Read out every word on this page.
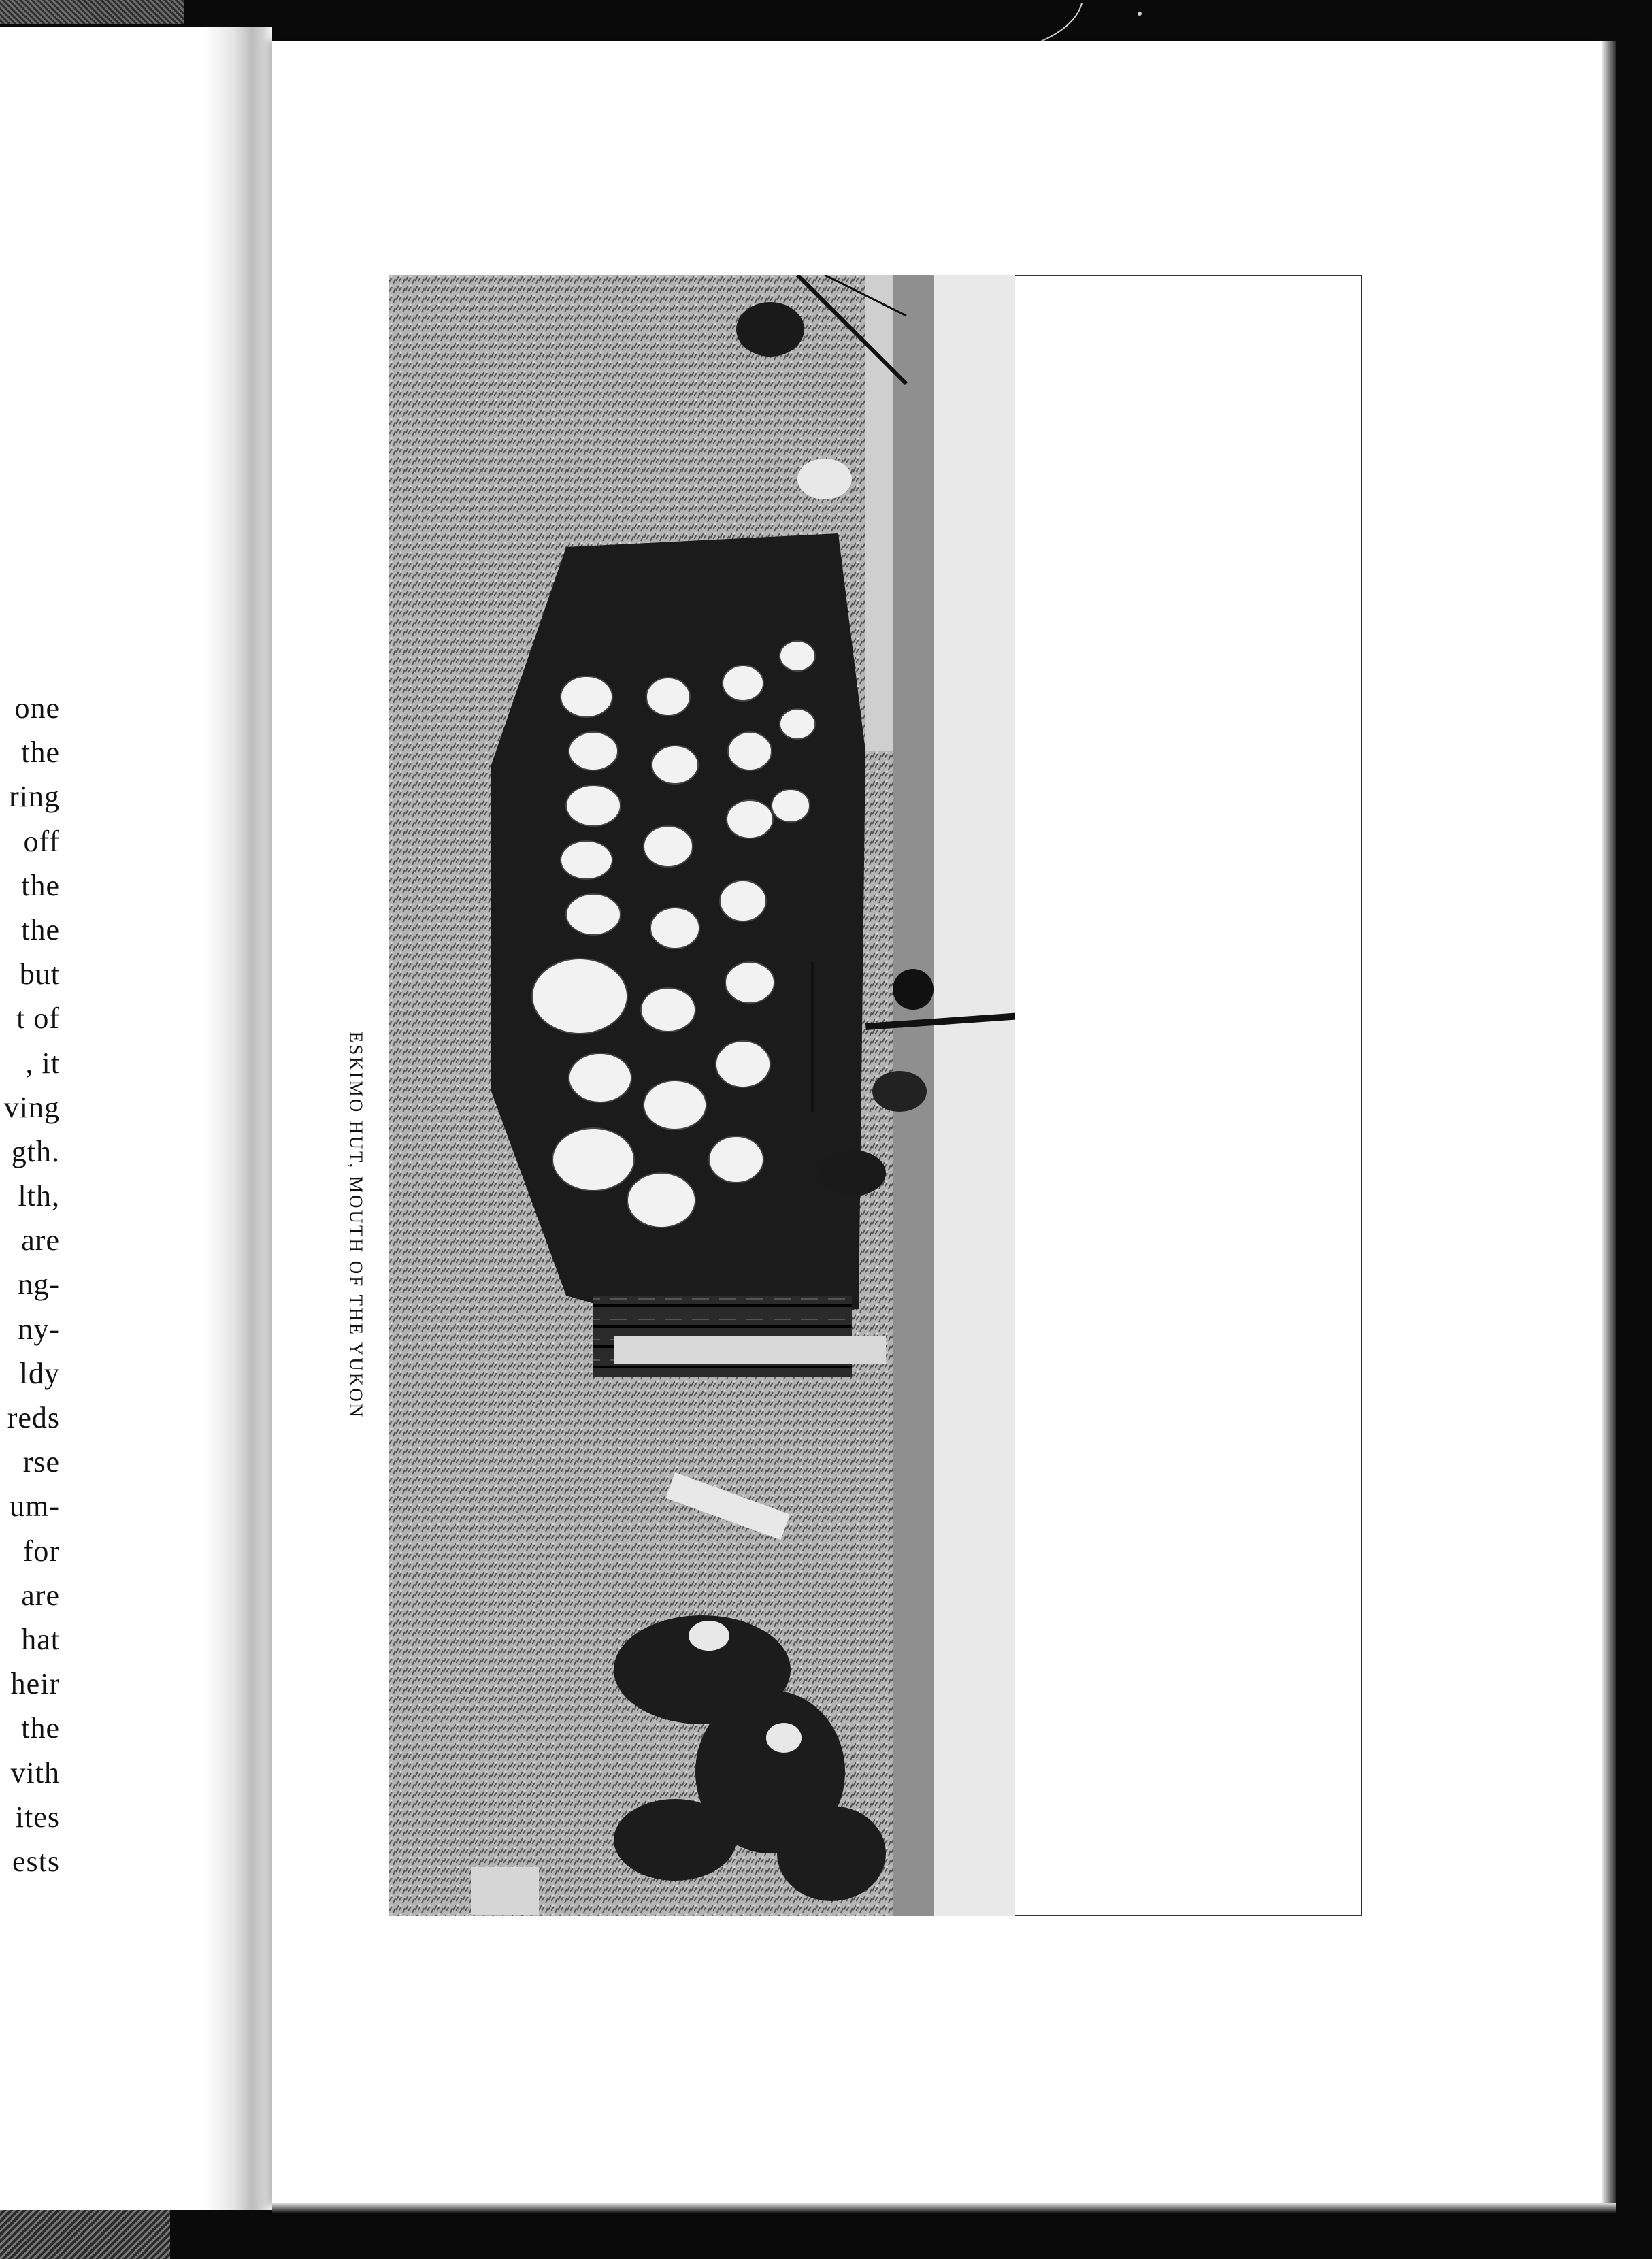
one
the
ring
off
the
the
but
t of
, it
ving
gth.
lth,
are
ng-
ny-
ldy
reds
rse
um-
for
are
hat
heir
the
vith
ites
ests
ESKIMO HUT, MOUTH OF THE YUKON
